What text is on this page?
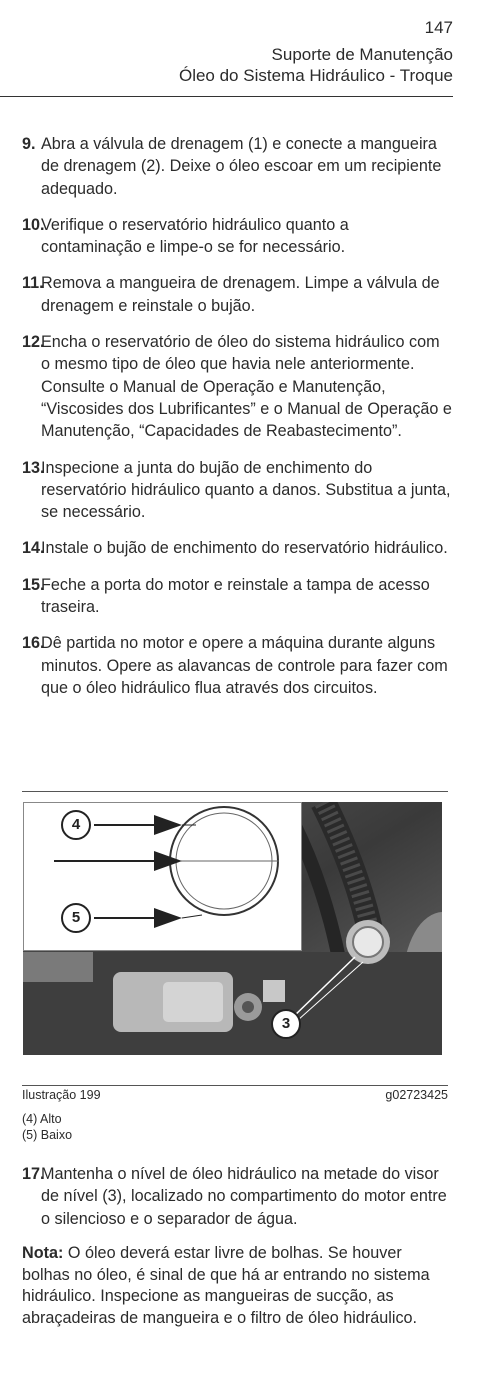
147
Suporte de Manutenção
Óleo do Sistema Hidráulico - Troque
9. Abra a válvula de drenagem (1) e conecte a mangueira de drenagem (2). Deixe o óleo escoar em um recipiente adequado.
10.
Verifique o reservatório hidráulico quanto a contaminação e limpe-o se for necessário.
11.
Remova a mangueira de drenagem. Limpe a válvula de drenagem e reinstale o bujão.
12.
Encha o reservatório de óleo do sistema hidráulico com o mesmo tipo de óleo que havia nele anteriormente. Consulte o Manual de Operação e Manutenção, “Viscosides dos Lubrificantes” e o Manual de Operação e Manutenção, “Capacidades de Reabastecimento”.
13.
Inspecione a junta do bujão de enchimento do reservatório hidráulico quanto a danos. Substitua a junta, se necessário.
14.
Instale o bujão de enchimento do reservatório hidráulico.
15.
Feche a porta do motor e reinstale a tampa de acesso traseira.
16.
Dê partida no motor e opere a máquina durante alguns minutos. Opere as alavancas de controle para fazer com que o óleo hidráulico flua através dos circuitos.
4
5
3
Ilustração 199	g02723425
(4) Alto
(5) Baixo
17.
Mantenha o nível de óleo hidráulico na metade do visor de nível (3), localizado no compartimento do motor entre o silencioso e o separador de água.
Nota: O óleo deverá estar livre de bolhas. Se houver bolhas no óleo, é sinal de que há ar entrando no sistema hidráulico. Inspecione as mangueiras de sucção, as abraçadeiras de mangueira e o filtro de óleo hidráulico.
